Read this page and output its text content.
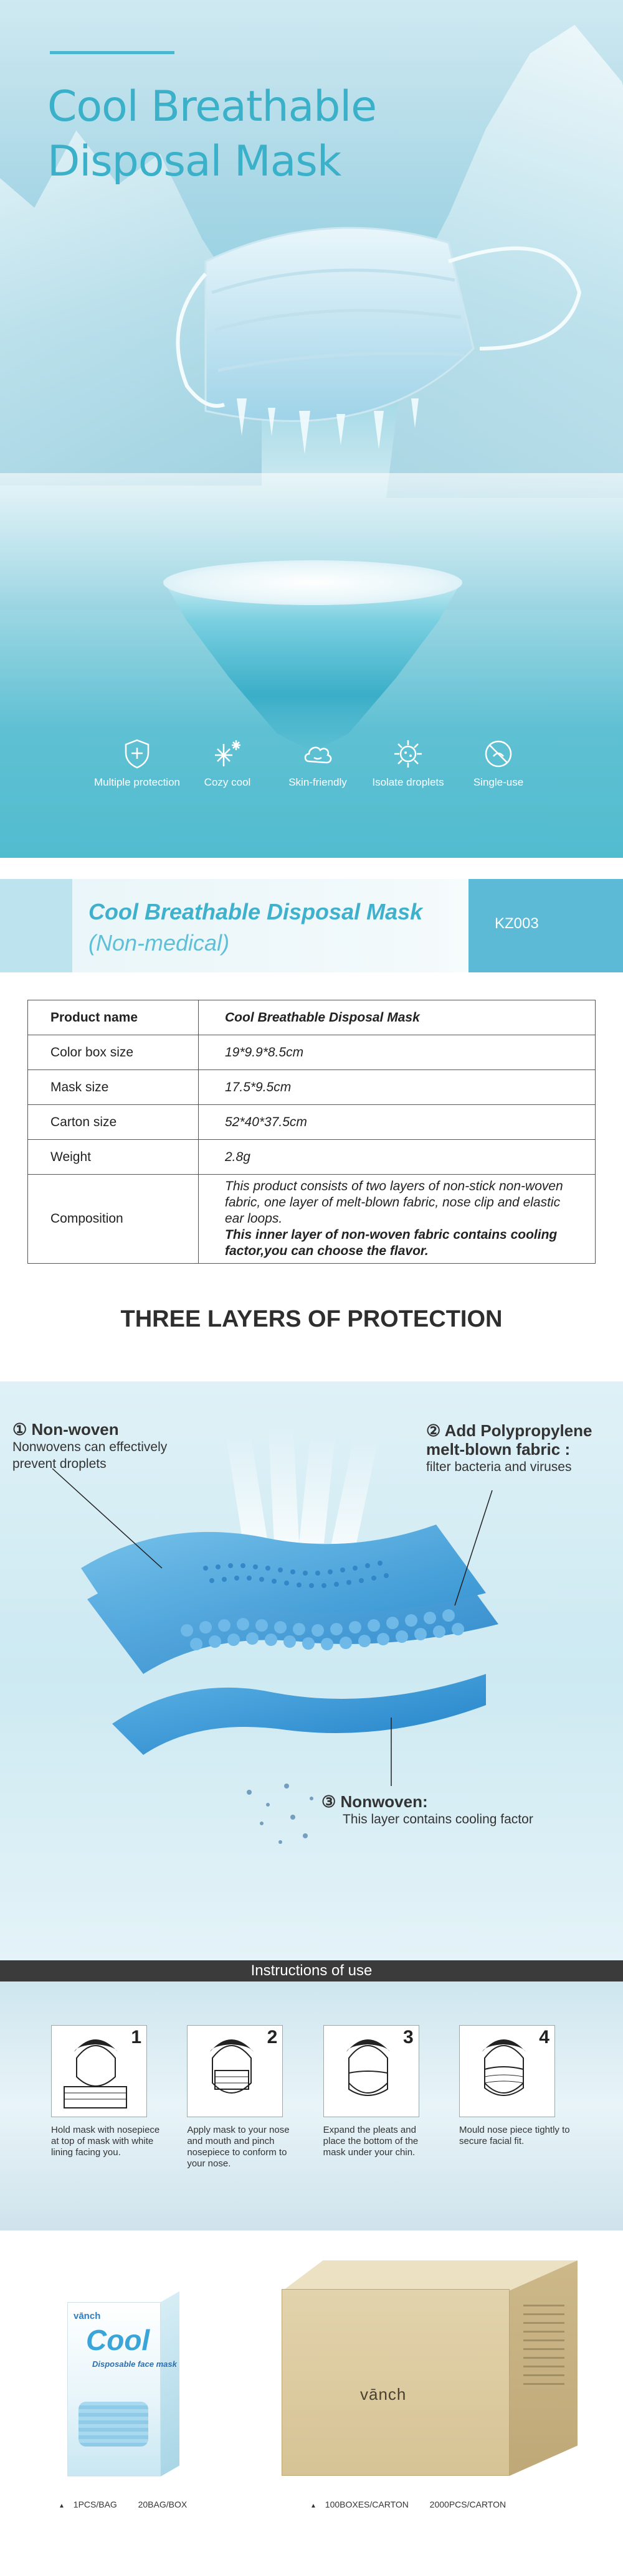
Cool Breathable
Disposal Mask
Multiple protection	Cozy cool	Skin-friendly	Isolate droplets	Single-use
Cool Breathable Disposal Mask
(Non-medical)
KZ003
Product name	Cool Breathable Disposal Mask
Color box size	19*9.9*8.5cm
Mask size	17.5*9.5cm
Carton size	52*40*37.5cm
Weight	2.8g
Composition	This product consists of two layers of non-stick non-woven fabric, one layer of melt-blown fabric, nose clip and elastic ear loops.
This inner layer of non-woven fabric contains cooling factor,you can choose the flavor.
THREE LAYERS OF PROTECTION
① Non-woven
Nonwovens can effectively prevent droplets
② Add Polypropylene
melt-blown fabric :
filter bacteria and viruses
③ Nonwoven:
This layer contains cooling factor
Instructions of use
1
Hold mask with nosepiece at top of mask with white lining facing you.
2
Apply mask to your nose and mouth and pinch nosepiece to conform to your nose.
3
Expand the pleats and place the bottom of the mask under your chin.
4
Mould nose piece tightly to secure facial fit.
vānch
Cool
Disposable face mask
vānch
▲ 1PCS/BAG 20BAG/BOX	▲ 100BOXES/CARTON 2000PCS/CARTON
